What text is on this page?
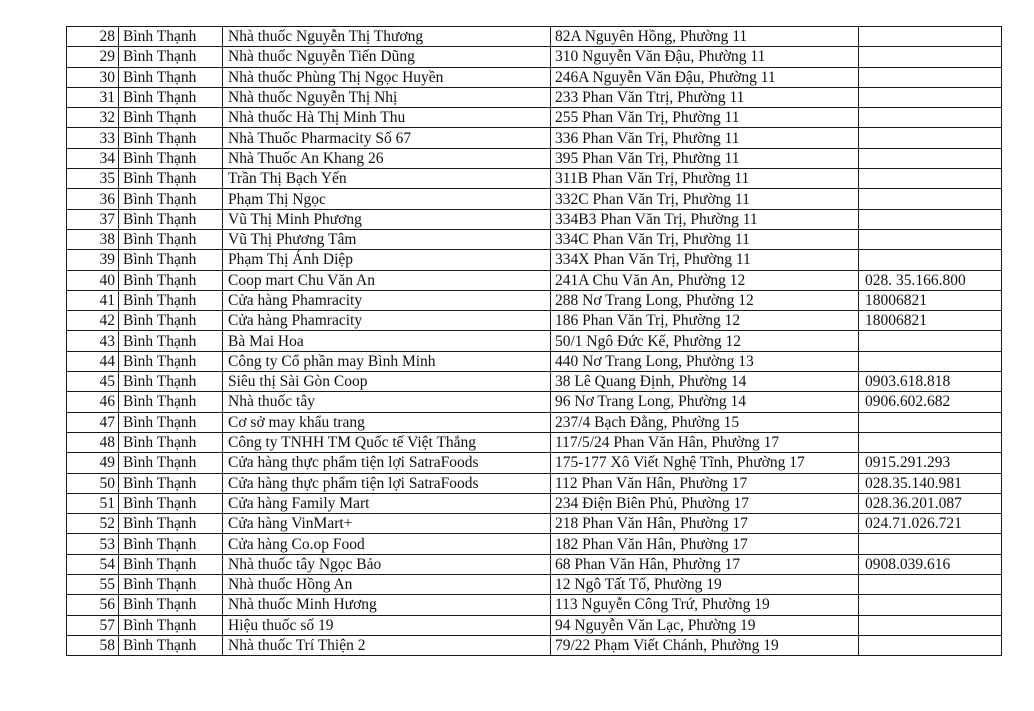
28	Bình Thạnh	Nhà thuốc Nguyễn Thị Thương	82A Nguyên Hồng, Phường 11	
29	Bình Thạnh	Nhà thuốc Nguyễn Tiến Dũng	310 Nguyễn Văn Đậu, Phường 11	
30	Bình Thạnh	Nhà thuốc Phùng Thị Ngọc Huyền	246A Nguyễn Văn Đậu, Phường 11	
31	Bình Thạnh	Nhà thuốc Nguyễn Thị Nhị	233 Phan Văn Ttrị, Phường 11	
32	Bình Thạnh	Nhà thuốc Hà Thị Minh Thu	255 Phan Văn Trị, Phường 11	
33	Bình Thạnh	Nhà Thuốc Pharmacity Số 67	336 Phan Văn Trị, Phường 11	
34	Bình Thạnh	Nhà Thuốc An Khang 26	395 Phan Văn Trị, Phường 11	
35	Bình Thạnh	Trần Thị Bạch Yến	311B Phan Văn Trị, Phường 11	
36	Bình Thạnh	Phạm Thị Ngọc	332C Phan Văn Trị, Phường 11	
37	Bình Thạnh	Vũ Thị Minh Phương	334B3 Phan Văn Trị, Phường 11	
38	Bình Thạnh	Vũ Thị Phương Tâm	334C Phan Văn Trị, Phường 11	
39	Bình Thạnh	Phạm Thị Ánh Diệp	334X Phan Văn Trị, Phường 11	
40	Bình Thạnh	Coop mart Chu Văn An	241A Chu Văn An, Phường 12	028. 35.166.800
41	Bình Thạnh	Cửa hàng Phamracity	288 Nơ Trang Long, Phường 12	18006821
42	Bình Thạnh	Cửa hàng Phamracity	186 Phan Văn Trị, Phường 12	18006821
43	Bình Thạnh	Bà Mai Hoa	50/1 Ngô Đức Kế, Phường 12	
44	Bình Thạnh	Công ty Cổ phần may Bình Minh	440 Nơ Trang Long, Phường 13	
45	Bình Thạnh	Siêu thị Sài Gòn Coop	38 Lê Quang Định, Phường 14	0903.618.818
46	Bình Thạnh	Nhà thuốc tây	96 Nơ Trang Long, Phường 14	0906.602.682
47	Bình Thạnh	Cơ sở may khẩu trang	237/4 Bạch Đằng, Phường 15	
48	Bình Thạnh	Công ty TNHH TM Quốc tế Việt Thắng	117/5/24 Phan Văn Hân, Phường 17	
49	Bình Thạnh	Cửa hàng thực phẩm tiện lợi SatraFoods	175-177 Xô Viết Nghệ Tĩnh, Phường 17	0915.291.293
50	Bình Thạnh	Cửa hàng thực phẩm tiện lợi SatraFoods	112 Phan Văn Hân, Phường 17	028.35.140.981
51	Bình Thạnh	Cửa hàng Family Mart	234 Điện Biên Phủ, Phường 17	028.36.201.087
52	Bình Thạnh	Cửa hàng VinMart+	218 Phan Văn Hân, Phường 17	024.71.026.721
53	Bình Thạnh	Cửa hàng Co.op Food	182 Phan Văn Hân, Phường 17	
54	Bình Thạnh	Nhà thuốc tây Ngọc Bảo	68 Phan Văn Hân, Phường 17	0908.039.616
55	Bình Thạnh	Nhà thuốc Hồng An	12 Ngô Tất Tố, Phường 19	
56	Bình Thạnh	Nhà thuốc Minh Hương	113 Nguyễn Công Trứ, Phường 19	
57	Bình Thạnh	Hiệu thuốc số 19	94 Nguyễn Văn Lạc, Phường 19	
58	Bình Thạnh	Nhà thuốc Trí Thiện 2	79/22 Phạm Viết Chánh, Phường 19	
